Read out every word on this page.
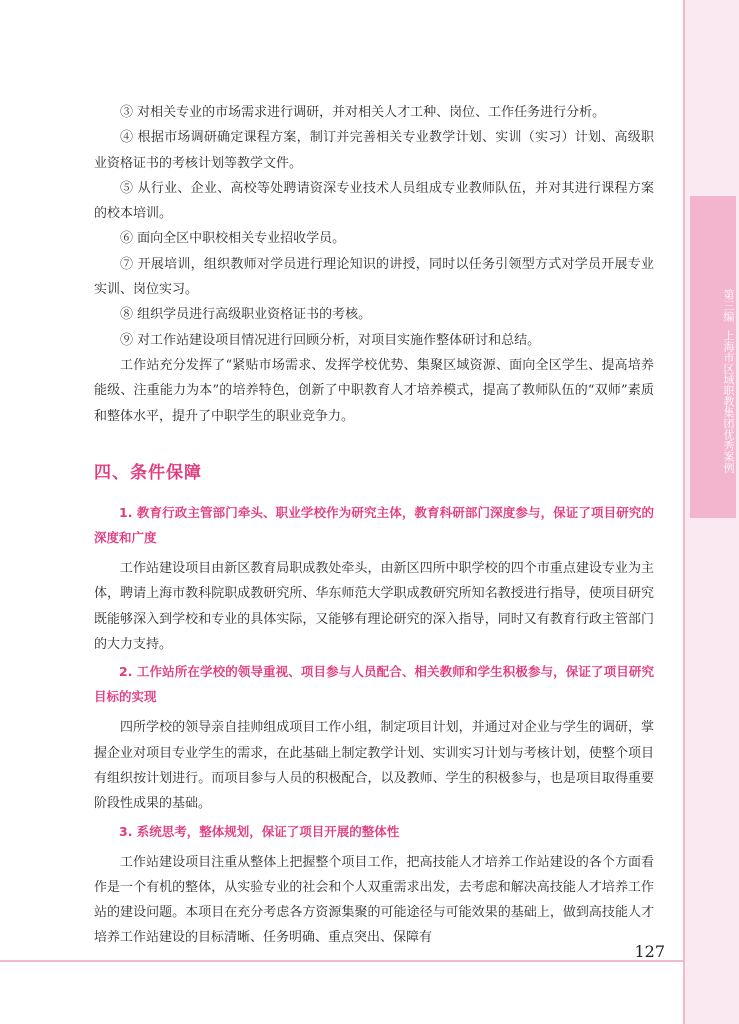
第三编
上海市区域职教集团优秀案例

③ 对相关专业的市场需求进行调研，并对相关人才工种、岗位、工作任务进行分析。

④ 根据市场调研确定课程方案，制订并完善相关专业教学计划、实训（实习）计划、高级职业资格证书的考核计划等教学文件。

⑤ 从行业、企业、高校等处聘请资深专业技术人员组成专业教师队伍，并对其进行课程方案的校本培训。

⑥ 面向全区中职校相关专业招收学员。

⑦ 开展培训，组织教师对学员进行理论知识的讲授，同时以任务引领型方式对学员开展专业实训、岗位实习。

⑧ 组织学员进行高级职业资格证书的考核。

⑨ 对工作站建设项目情况进行回顾分析，对项目实施作整体研讨和总结。

工作站充分发挥了“紧贴市场需求、发挥学校优势、集聚区域资源、面向全区学生、提高培养能级、注重能力为本”的培养特色，创新了中职教育人才培养模式，提高了教师队伍的“双师”素质和整体水平，提升了中职学生的职业竞争力。

四、条件保障
1. 教育行政主管部门牵头、职业学校作为研究主体，教育科研部门深度参与，保证了项目研究的深度和广度

工作站建设项目由新区教育局职成教处牵头，由新区四所中职学校的四个市重点建设专业为主体，聘请上海市教科院职成教研究所、华东师范大学职成教研究所知名教授进行指导，使项目研究既能够深入到学校和专业的具体实际，又能够有理论研究的深入指导，同时又有教育行政主管部门的大力支持。

2. 工作站所在学校的领导重视、项目参与人员配合、相关教师和学生积极参与，保证了项目研究目标的实现

四所学校的领导亲自挂帅组成项目工作小组，制定项目计划，并通过对企业与学生的调研，掌握企业对项目专业学生的需求，在此基础上制定教学计划、实训实习计划与考核计划，使整个项目有组织按计划进行。而项目参与人员的积极配合，以及教师、学生的积极参与，也是项目取得重要阶段性成果的基础。

3. 系统思考，整体规划，保证了项目开展的整体性

工作站建设项目注重从整体上把握整个项目工作，把高技能人才培养工作站建设的各个方面看作是一个有机的整体，从实验专业的社会和个人双重需求出发，去考虑和解决高技能人才培养工作站的建设问题。本项目在充分考虑各方资源集聚的可能途径与可能效果的基础上，做到高技能人才培养工作站建设的目标清晰、任务明确、重点突出、保障有

127
